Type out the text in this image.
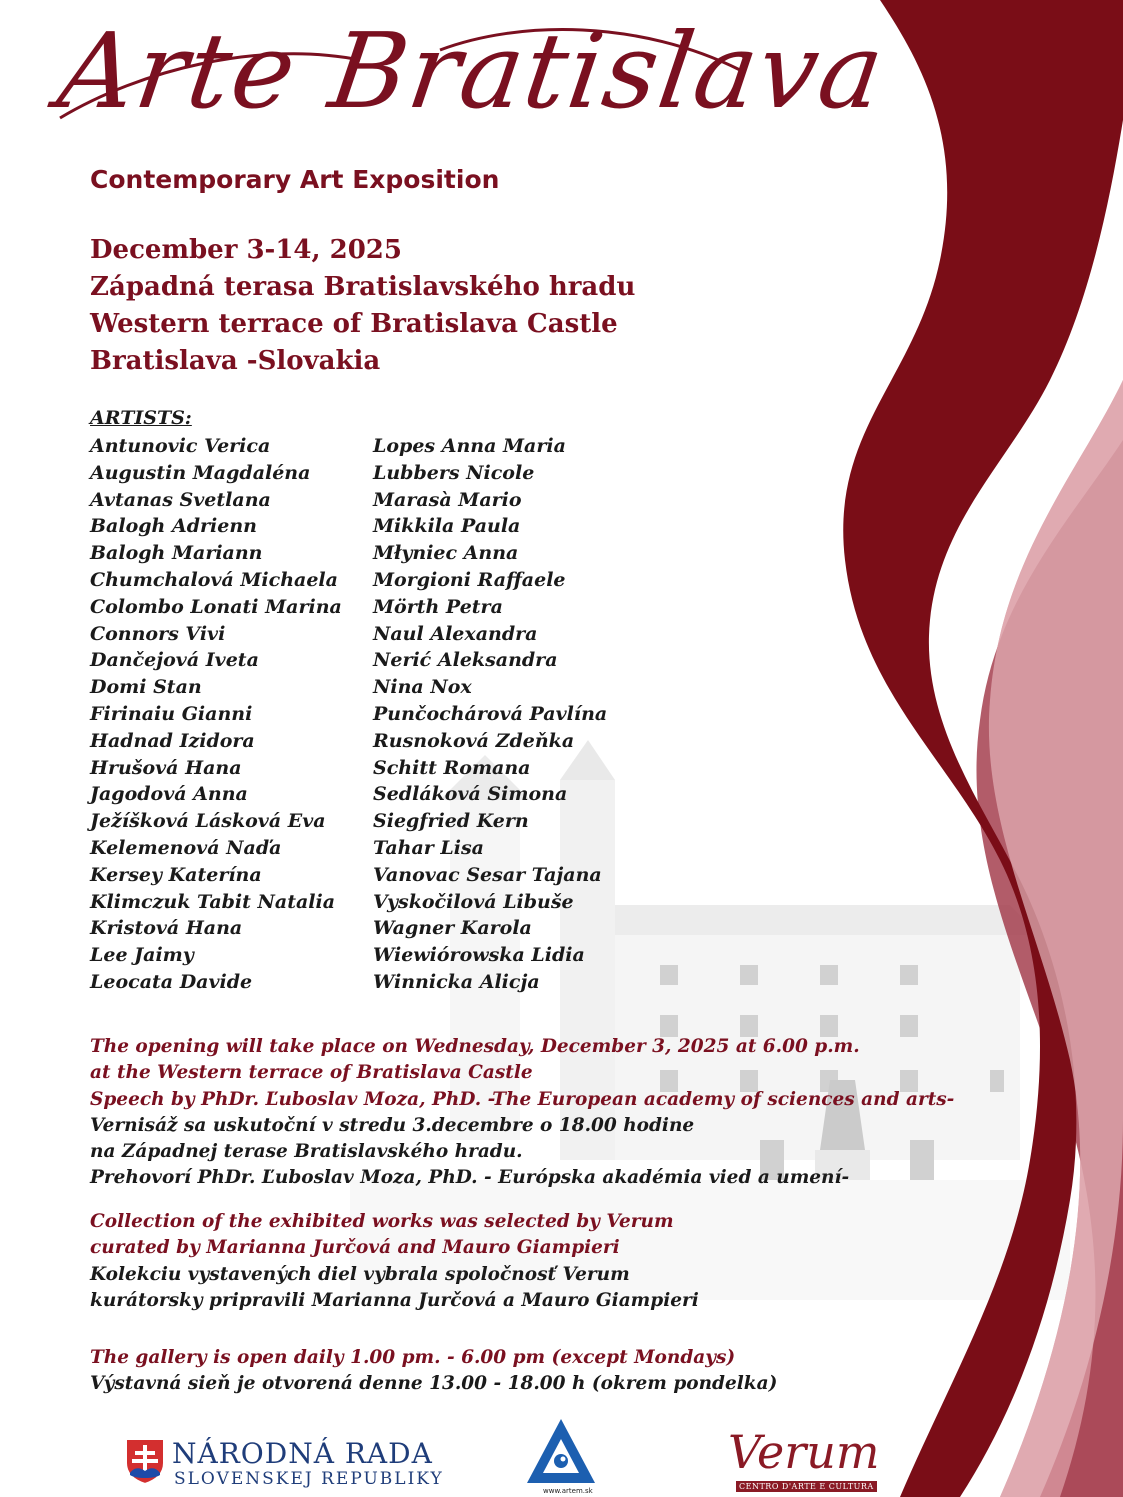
Arte Bratislava
Contemporary Art Exposition
December 3-14, 2025
Západná terasa Bratislavského hradu
Western terrace of Bratislava Castle
Bratislava -Slovakia
ARTISTS:
Antunovic Verica
Augustin Magdaléna
Avtanas Svetlana
Balogh Adrienn
Balogh Mariann
Chumchalová Michaela
Colombo Lonati Marina
Connors Vivi
Dančejová Iveta
Domi Stan
Firinaiu Gianni
Hadnad Izidora
Hrušová Hana
Jagodová Anna
Ježíšková Lásková Eva
Kelemenová Naďa
Kersey Katerína
Klimczuk Tabit Natalia
Kristová Hana
Lee Jaimy
Leocata Davide
Lopes Anna Maria
Lubbers Nicole
Marasà Mario
Mikkila Paula
Młyniec Anna
Morgioni Raffaele
Mörth Petra
Naul Alexandra
Nerić Aleksandra
Nina Nox
Punčochárová Pavlína
Rusnoková Zdeňka
Schitt Romana
Sedláková Simona
Siegfried Kern
Tahar Lisa
Vanovac Sesar Tajana
Vyskočilová Libuše
Wagner Karola
Wiewiórowska Lidia
Winnicka Alicja
The opening will take place on Wednesday, December 3, 2025 at 6.00 p.m.
at the Western terrace of Bratislava Castle
Speech by PhDr. Ľuboslav Moza, PhD. -The European academy of sciences and arts-
Vernisáž sa uskutoční v stredu 3.decembre o 18.00 hodine
na Západnej terase Bratislavského hradu.
Prehovorí PhDr. Ľuboslav Moza, PhD. - Európska akadémia vied a umení-
Collection of the exhibited works was selected by Verum
curated by Marianna Jurčová and Mauro Giampieri
Kolekciu vystavených diel vybrala spoločnosť Verum
kurátorsky pripravili Marianna Jurčová a Mauro Giampieri
The gallery is open daily 1.00 pm. - 6.00 pm (except Mondays)
Výstavná sieň je otvorená denne 13.00 - 18.00 h (okrem pondelka)
NÁRODNÁ RADA
SLOVENSKEJ REPUBLIKY
www.artem.sk
Verum
CENTRO D'ARTE E CULTURA
